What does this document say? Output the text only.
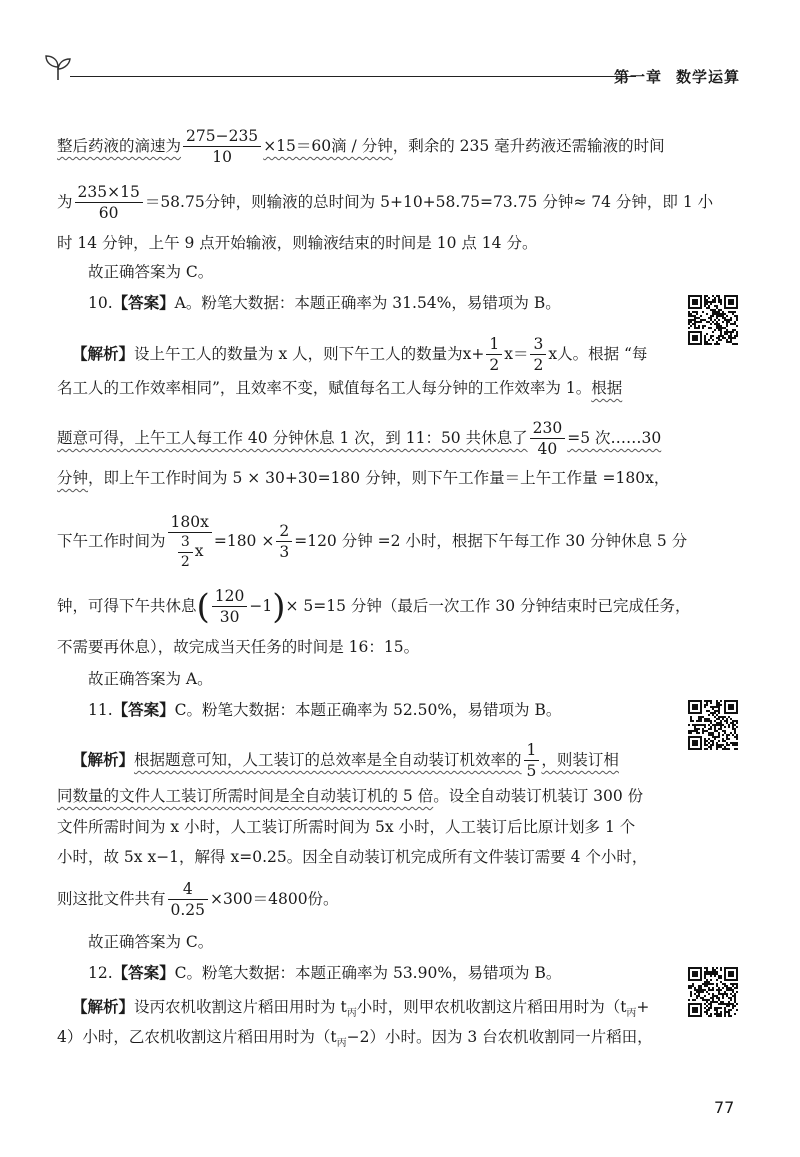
第一章 数学运算
整后药液的滴速为 $\frac{275-235}{10} \times 15=60$滴 / 分钟，剩余的 235 毫升药液还需输液的时间
为 $\frac{235\times 15}{60} =58.75$分钟，则输液的总时间为 5+10+58.75=73.75 分钟≈ 74 分钟，即 1 小
时 14 分钟，上午 9 点开始输液，则输液结束的时间是 10 点 14 分。
故正确答案为 C。
10.【答案】A。粉笔大数据：本题正确率为 31.54%，易错项为 B。
【解析】设上午工人的数量为 x 人，则下午工人的数量为$x+ \frac{1}{2} x= \frac{3}{2}$ x人。根据 “每
名工人的工作效率相同”，且效率不变，赋值每名工人每分钟的工作效率为 1。根据
题意可得，上午工人每工作 40 分钟休息 1 次，到 11：50 共休息了 $\frac{230}{40} =5$ 次……30
分钟，即上午工作时间为 5 × 30+30=180 分钟，则下午工作量＝上午工作量 =180x，
下午工作时间为 $\frac{180x}{\frac{3}{2} x} =180 \times \frac{2}{3} =120$ 分钟 =2 小时，根据下午每工作 30 分钟休息 5 分
钟，可得下午共休息( $\frac{120}{30} -1)\times 5=15$ 分钟（最后一次工作 30 分钟结束时已完成任务，
不需要再休息），故完成当天任务的时间是 16：15。
故正确答案为 A。
11.【答案】C。粉笔大数据：本题正确率为 52.50%，易错项为 B。
【解析】根据题意可知，人工装订的总效率是全自动装订机效率的 $\frac{1}{5}$ ，则装订相
同数量的文件人工装订所需时间是全自动装订机的 5 倍。设全自动装订机装订 300 份
文件所需时间为 x 小时，人工装订所需时间为 5x 小时，人工装订后比原计划多 1 个
小时，故 5x x−1，解得 x=0.25。因全自动装订机完成所有文件装订需要 4 个小时，
则这批文件共有 $\frac{4}{0.25} \times 300=4800$份。
故正确答案为 C。
12.【答案】C。粉笔大数据：本题正确率为 53.90%，易错项为 B。
【解析】设丙农机收割这片稻田用时为 $t_丙$小时，则甲农机收割这片稻田用时为（$t_丙+$
4）小时，乙农机收割这片稻田用时为$(t_丙-2)$小时。因为 3 台农机收割同一片稻田，
77
